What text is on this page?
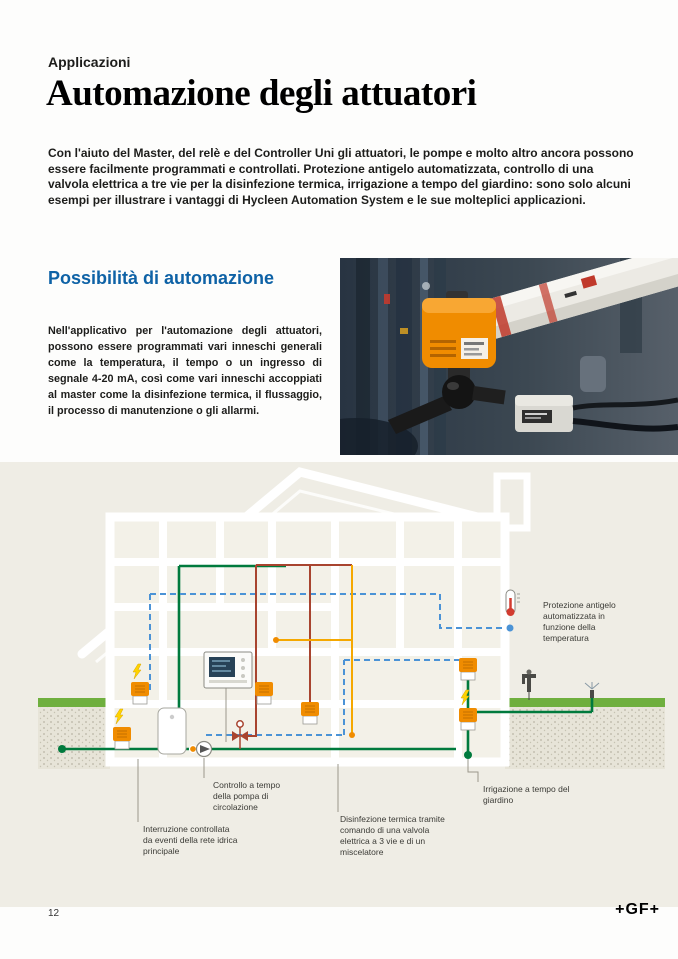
Applicazioni
Automazione degli attuatori

Con l'aiuto del Master, del relè e del Controller Uni gli attuatori, le pompe e molto altro ancora possono essere facilmente programmati e controllati. Protezione antigelo automatizzata, controllo di una valvola elettrica a tre vie per la disinfezione termica, irrigazione a tempo del giardino: sono solo alcuni esempi per illustrare i vantaggi di Hycleen Automation System e le sue molteplici applicazioni.

Possibilità di automazione

Nell'applicativo per l'automazione degli attuatori, possono essere programmati vari inneschi generali come la temperatura, il tempo o un ingresso di segnale 4-20 mA, così come vari inneschi accoppiati al master come la disinfezione termica, il flussaggio, il processo di manutenzione o gli allarmi.

Protezione antigelo automatizzata in funzione della temperatura
Controllo a tempo della pompa di circolazione
Interruzione controllata da eventi della rete idrica principale
Disinfezione termica tramite comando di una valvola elettrica a 3 vie e di un miscelatore
Irrigazione a tempo del giardino
12	+GF+
